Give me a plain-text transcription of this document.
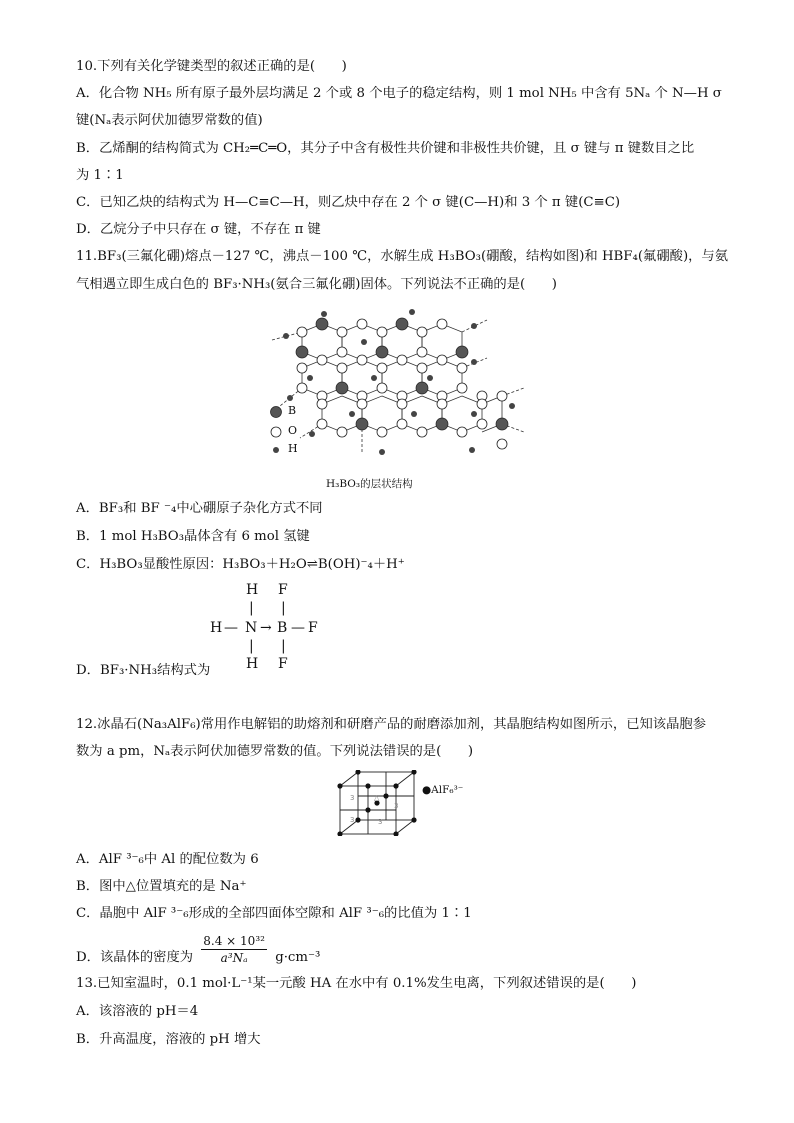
10.下列有关化学键类型的叙述正确的是(　　)
A．化合物 NH₅ 所有原子最外层均满足 2 个或 8 个电子的稳定结构，则 1 mol NH₅ 中含有 5Nₐ 个 N—H σ
键(Nₐ表示阿伏加德罗常数的值)
B．乙烯酮的结构简式为 CH₂═C═O，其分子中含有极性共价键和非极性共价键，且 σ 键与 π 键数目之比
为 1∶1
C．已知乙炔的结构式为 H—C≡C—H，则乙炔中存在 2 个 σ 键(C—H)和 3 个 π 键(C≡C)
D．乙烷分子中只存在 σ 键，不存在 π 键
11.BF₃(三氟化硼)熔点－127 ℃，沸点－100 ℃，水解生成 H₃BO₃(硼酸，结构如图)和 HBF₄(氟硼酸)，与氨
气相遇立即生成白色的 BF₃·NH₃(氨合三氟化硼)固体。下列说法不正确的是(　　)
B
O
H
H₃BO₃的层状结构
A．BF₃和 BF ⁻₄中心硼原子杂化方式不同
B．1 mol H₃BO₃晶体含有 6 mol 氢键
C．H₃BO₃显酸性原因：H₃BO₃＋H₂O⇌B(OH)⁻₄＋H⁺
H F
| |
H — N → B — F
| |
H F
D．BF₃·NH₃结构式为
12.冰晶石(Na₃AlF₆)常用作电解铝的助熔剂和研磨产品的耐磨添加剂，其晶胞结构如图所示，已知该晶胞参
数为 a pm，Nₐ表示阿伏加德罗常数的值。下列说法错误的是(　　)
3	△
3	3
3
●AlF₆³⁻
A．AlF ³⁻₆中 Al 的配位数为 6
B．图中△位置填充的是 Na⁺
C．晶胞中 AlF ³⁻₆形成的全部四面体空隙和 AlF ³⁻₆的比值为 1∶1
D．该晶体的密度为 $\frac{\text{8.4 × 10³²}}{\text{a³Nₐ}} g\cdot cm^{-3}$
13.已知室温时，0.1 mol·L⁻¹某一元酸 HA 在水中有 0.1%发生电离，下列叙述错误的是(　　)
A．该溶液的 pH＝4
B．升高温度，溶液的 pH 增大
